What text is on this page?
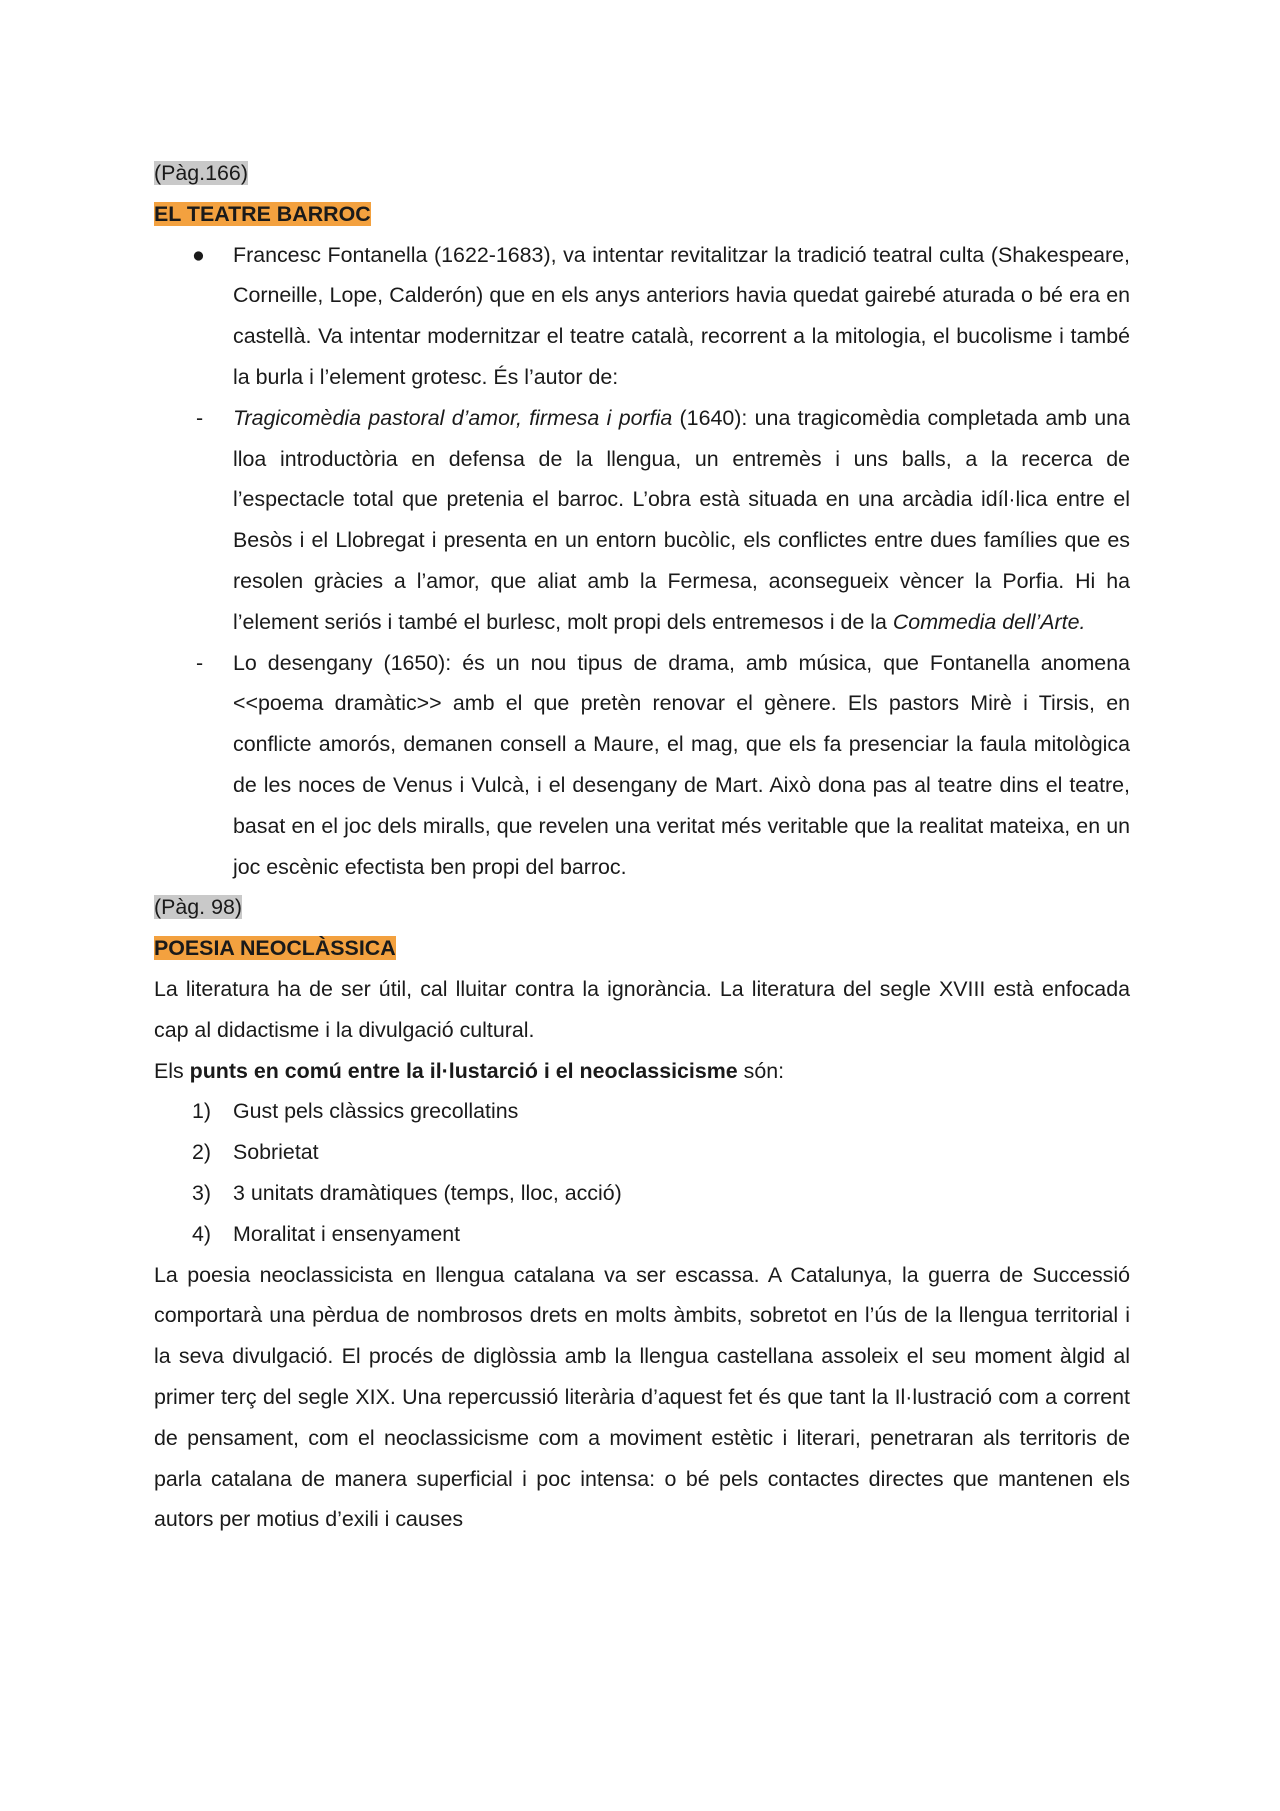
(Pàg.166)
EL TEATRE BARROC
● Francesc Fontanella (1622-1683), va intentar revitalitzar la tradició teatral culta (Shakespeare, Corneille, Lope, Calderón) que en els anys anteriors havia quedat gairebé aturada o bé era en castellà. Va intentar modernitzar el teatre català, recorrent a la mitologia, el bucolisme i també la burla i l’element grotesc. És l’autor de:
- Tragicomèdia pastoral d’amor, firmesa i porfia (1640): una tragicomèdia completada amb una lloa introductòria en defensa de la llengua, un entremès i uns balls, a la recerca de l’espectacle total que pretenia el barroc. L’obra està situada en una arcàdia idíl·lica entre el Besòs i el Llobregat i presenta en un entorn bucòlic, els conflictes entre dues famílies que es resolen gràcies a l’amor, que aliat amb la Fermesa, aconsegueix vèncer la Porfia. Hi ha l’element seriós i també el burlesc, molt propi dels entremesos i de la Commedia dell’Arte.
- Lo desengany (1650): és un nou tipus de drama, amb música, que Fontanella anomena <<poema dramàtic>> amb el que pretèn renovar el gènere. Els pastors Mirè i Tirsis, en conflicte amorós, demanen consell a Maure, el mag, que els fa presenciar la faula mitològica de les noces de Venus i Vulcà, i el desengany de Mart. Això dona pas al teatre dins el teatre, basat en el joc dels miralls, que revelen una veritat més veritable que la realitat mateixa, en un joc escènic efectista ben propi del barroc.
(Pàg. 98)
POESIA NEOCLÀSSICA
La literatura ha de ser útil, cal lluitar contra la ignorància. La literatura del segle XVIII està enfocada cap al didactisme i la divulgació cultural.
Els punts en comú entre la il·lustarció i el neoclassicisme són:
1) Gust pels clàssics grecollatins
2) Sobrietat
3) 3 unitats dramàtiques (temps, lloc, acció)
4) Moralitat i ensenyament
La poesia neoclassicista en llengua catalana va ser escassa. A Catalunya, la guerra de Successió comportarà una pèrdua de nombrosos drets en molts àmbits, sobretot en l’ús de la llengua territorial i la seva divulgació. El procés de diglòssia amb la llengua castellana assoleix el seu moment àlgid al primer terç del segle XIX. Una repercussió literària d’aquest fet és que tant la Il·lustració com a corrent de pensament, com el neoclassicisme com a moviment estètic i literari, penetraran als territoris de parla catalana de manera superficial i poc intensa: o bé pels contactes directes que mantenen els autors per motius d’exili i causes
